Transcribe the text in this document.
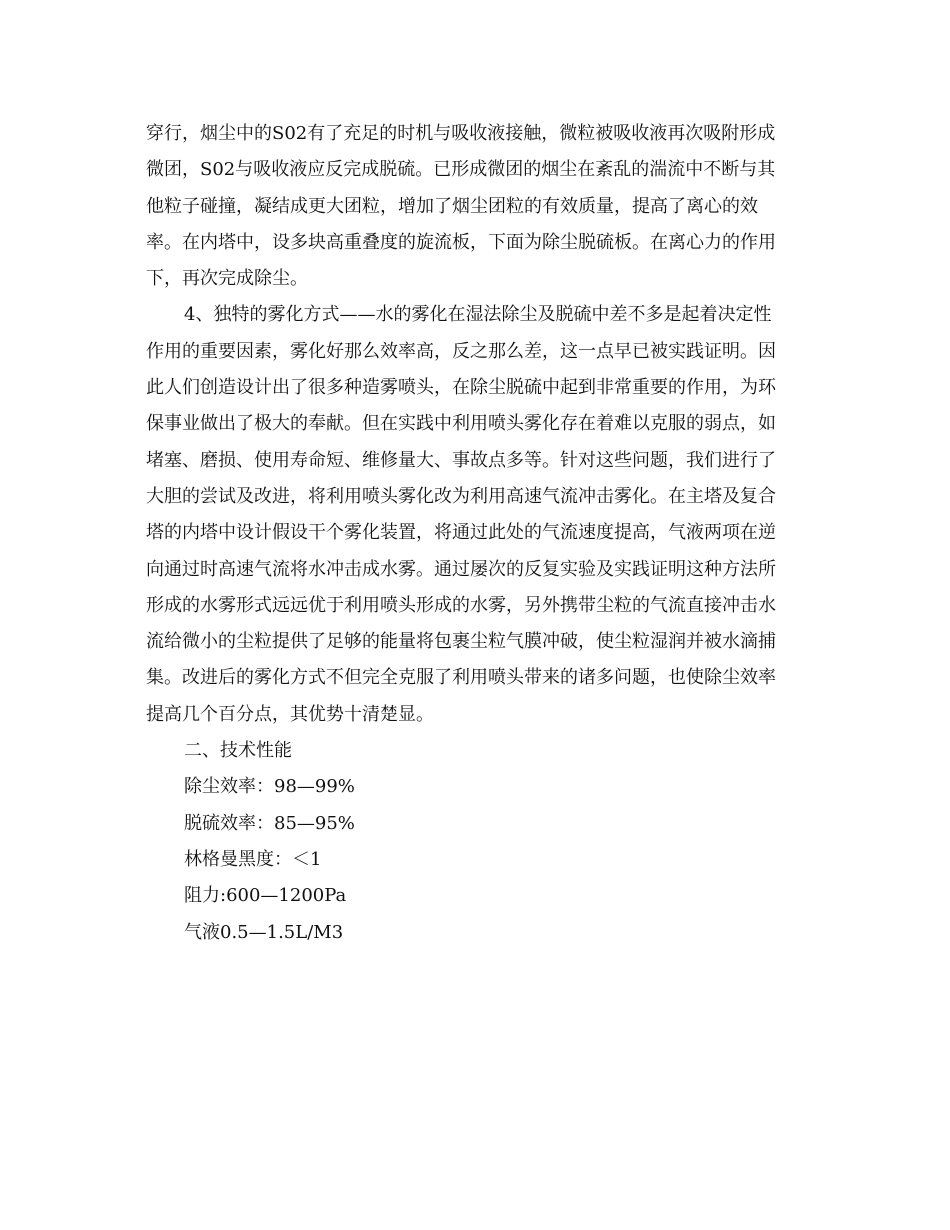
穿行，烟尘中的S02有了充足的时机与吸收液接触，微粒被吸收液再次吸附形成
微团，S02与吸收液应反完成脱硫。已形成微团的烟尘在紊乱的湍流中不断与其
他粒子碰撞，凝结成更大团粒，增加了烟尘团粒的有效质量，提高了离心的效
率。在内塔中，设多块高重叠度的旋流板，下面为除尘脱硫板。在离心力的作用
下，再次完成除尘。
4、独特的雾化方式——水的雾化在湿法除尘及脱硫中差不多是起着决定性
作用的重要因素，雾化好那么效率高，反之那么差，这一点早已被实践证明。因
此人们创造设计出了很多种造雾喷头，在除尘脱硫中起到非常重要的作用，为环
保事业做出了极大的奉献。但在实践中利用喷头雾化存在着难以克服的弱点，如
堵塞、磨损、使用寿命短、维修量大、事故点多等。针对这些问题，我们进行了
大胆的尝试及改进，将利用喷头雾化改为利用高速气流冲击雾化。在主塔及复合
塔的内塔中设计假设干个雾化装置，将通过此处的气流速度提高，气液两项在逆
向通过时高速气流将水冲击成水雾。通过屡次的反复实验及实践证明这种方法所
形成的水雾形式远远优于利用喷头形成的水雾，另外携带尘粒的气流直接冲击水
流给微小的尘粒提供了足够的能量将包裹尘粒气膜冲破，使尘粒湿润并被水滴捕
集。改进后的雾化方式不但完全克服了利用喷头带来的诸多问题，也使除尘效率
提高几个百分点，其优势十清楚显。
二、技术性能
除尘效率：98—99%
脱硫效率：85—95%
林格曼黑度：＜1
阻力:600—1200Pa
气液0.5—1.5L/M3
